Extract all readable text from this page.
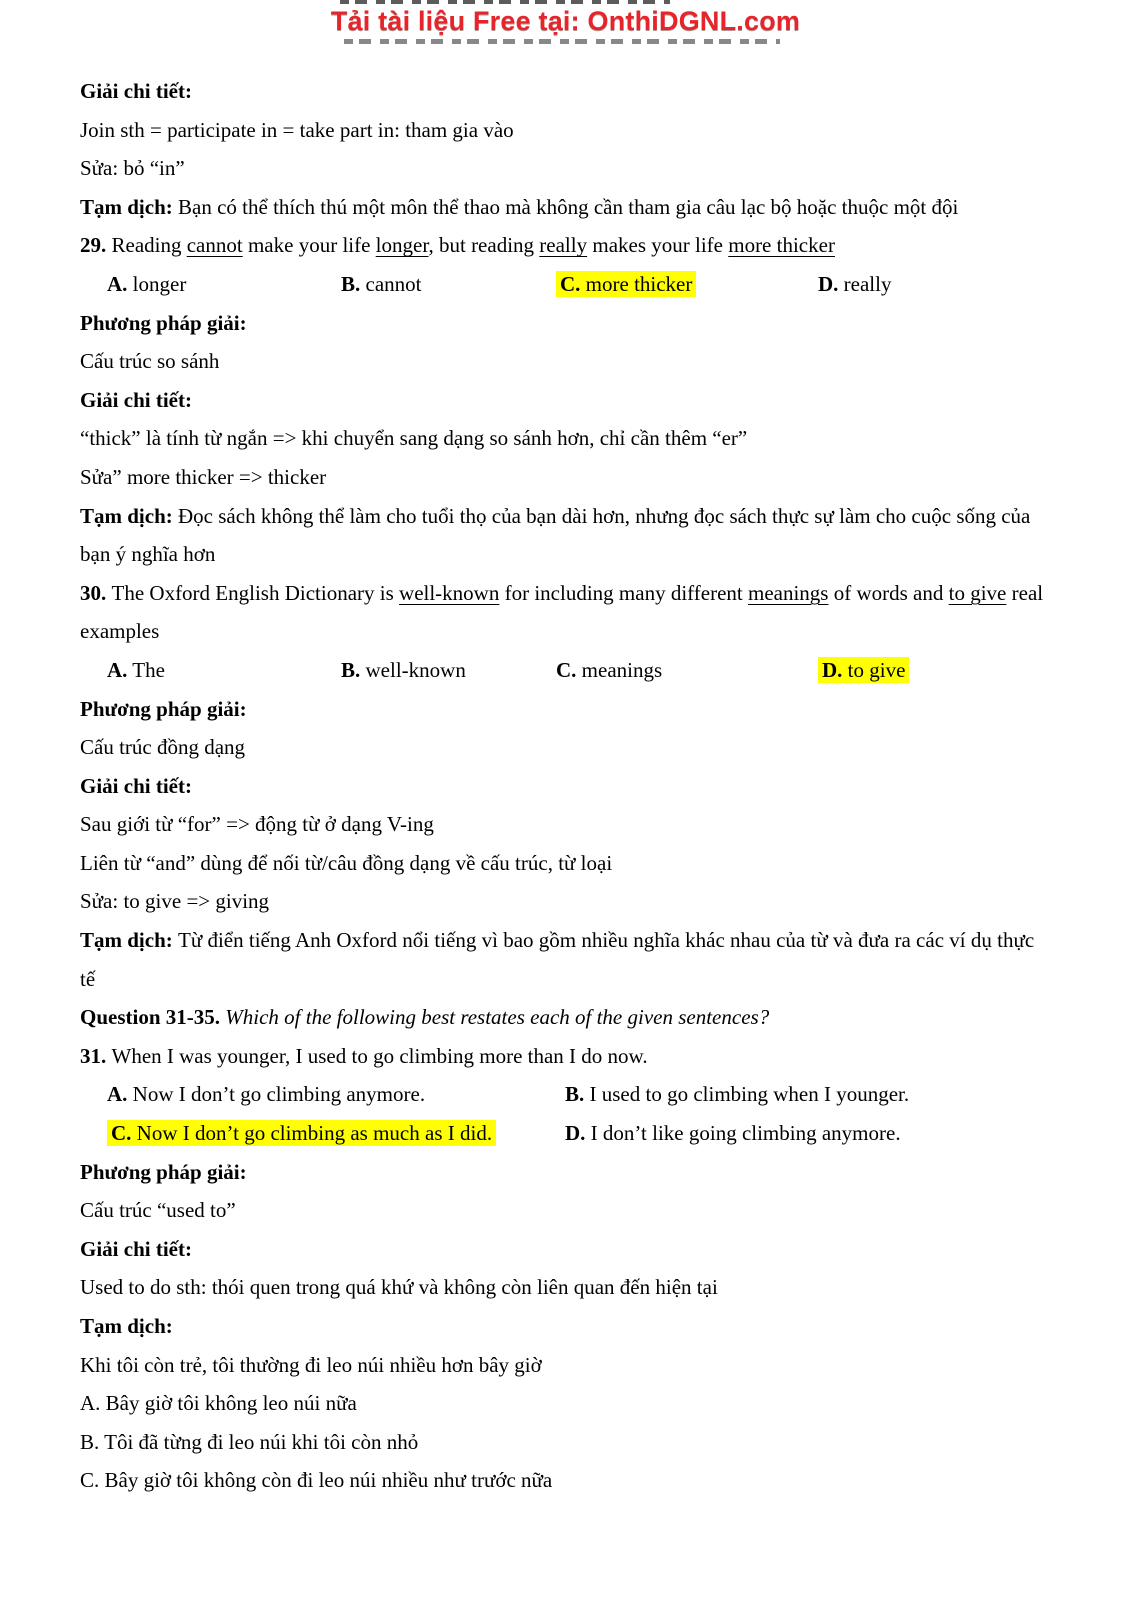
Tải tài liệu Free tại: OnthiDGNL.com
Giải chi tiết:
Join sth = participate in = take part in: tham gia vào
Sửa: bỏ “in”
Tạm dịch: Bạn có thể thích thú một môn thể thao mà không cần tham gia câu lạc bộ hoặc thuộc một đội
29. Reading cannot make your life longer, but reading really makes your life more thicker
A. longer	B. cannot	C. more thicker	D. really
Phương pháp giải:
Cấu trúc so sánh
Giải chi tiết:
“thick” là tính từ ngắn => khi chuyển sang dạng so sánh hơn, chỉ cần thêm “er”
Sửa” more thicker => thicker
Tạm dịch: Đọc sách không thể làm cho tuổi thọ của bạn dài hơn, nhưng đọc sách thực sự làm cho cuộc sống của bạn ý nghĩa hơn
30. The Oxford English Dictionary is well-known for including many different meanings of words and to give real examples
A. The	B. well-known	C. meanings	D. to give
Phương pháp giải:
Cấu trúc đồng dạng
Giải chi tiết:
Sau giới từ “for” => động từ ở dạng V-ing
Liên từ “and” dùng để nối từ/câu đồng dạng về cấu trúc, từ loại
Sửa: to give => giving
Tạm dịch: Từ điển tiếng Anh Oxford nổi tiếng vì bao gồm nhiều nghĩa khác nhau của từ và đưa ra các ví dụ thực tế
Question 31-35. Which of the following best restates each of the given sentences?
31. When I was younger, I used to go climbing more than I do now.
A. Now I don’t go climbing anymore.	B. I used to go climbing when I younger.
C. Now I don’t go climbing as much as I did.	D. I don’t like going climbing anymore.
Phương pháp giải:
Cấu trúc “used to”
Giải chi tiết:
Used to do sth: thói quen trong quá khứ và không còn liên quan đến hiện tại
Tạm dịch:
Khi tôi còn trẻ, tôi thường đi leo núi nhiều hơn bây giờ
A. Bây giờ tôi không leo núi nữa
B. Tôi đã từng đi leo núi khi tôi còn nhỏ
C. Bây giờ tôi không còn đi leo núi nhiều như trước nữa
